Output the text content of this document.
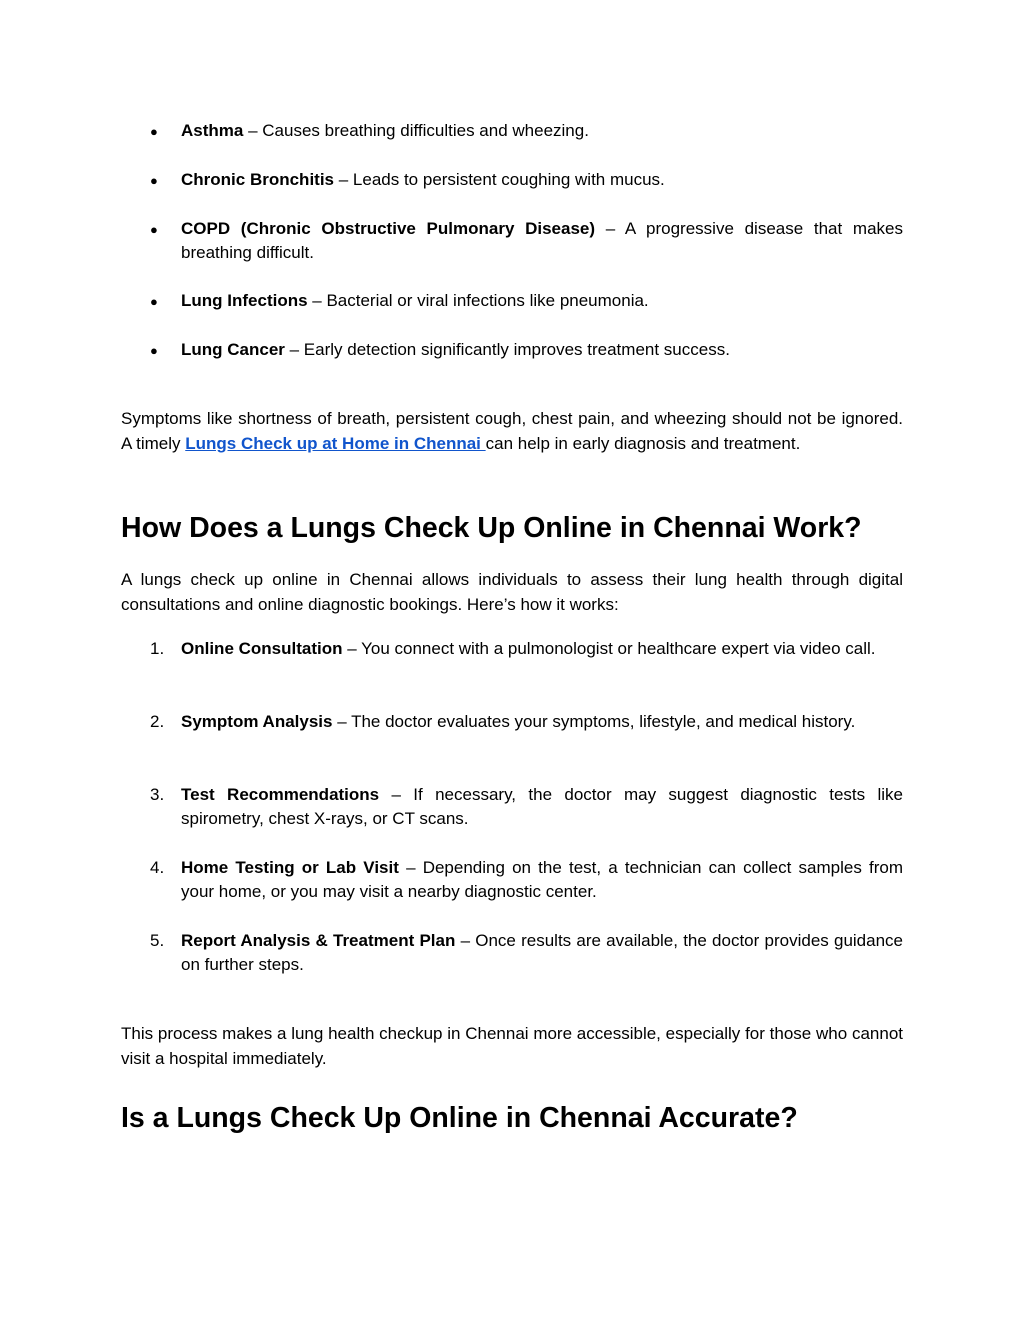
● Asthma – Causes breathing difficulties and wheezing.
● Chronic Bronchitis – Leads to persistent coughing with mucus.
● COPD (Chronic Obstructive Pulmonary Disease) – A progressive disease that makes breathing difficult.
● Lung Infections – Bacterial or viral infections like pneumonia.
● Lung Cancer – Early detection significantly improves treatment success.
Symptoms like shortness of breath, persistent cough, chest pain, and wheezing should not be ignored. A timely Lungs Check up at Home in Chennai can help in early diagnosis and treatment.
How Does a Lungs Check Up Online in Chennai Work?
A lungs check up online in Chennai allows individuals to assess their lung health through digital consultations and online diagnostic bookings. Here’s how it works:
1. Online Consultation – You connect with a pulmonologist or healthcare expert via video call.
2. Symptom Analysis – The doctor evaluates your symptoms, lifestyle, and medical history.
3. Test Recommendations – If necessary, the doctor may suggest diagnostic tests like spirometry, chest X-rays, or CT scans.
4. Home Testing or Lab Visit – Depending on the test, a technician can collect samples from your home, or you may visit a nearby diagnostic center.
5. Report Analysis & Treatment Plan – Once results are available, the doctor provides guidance on further steps.
This process makes a lung health checkup in Chennai more accessible, especially for those who cannot visit a hospital immediately.
Is a Lungs Check Up Online in Chennai Accurate?
